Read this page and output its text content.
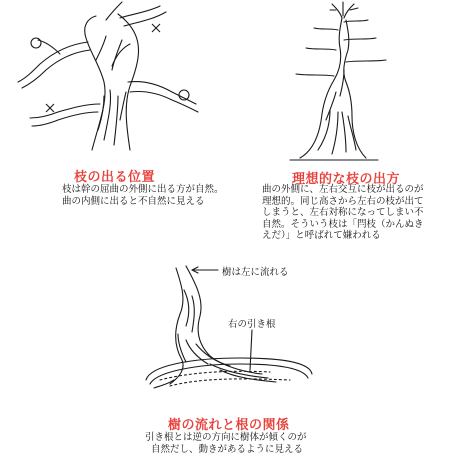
枝の出る位置
枝は幹の屈曲の外側に出る方が自然。
曲の内側に出ると不自然に見える
理想的な枝の出方
曲の外側に、左右交互に枝が出るのが
理想的。同じ高さから左右の枝が出て
しまうと、左右対称になってしまい不
自然。そういう枝は「閂枝（かんぬき
えだ）」と呼ばれて嫌われる
樹は左に流れる
右の引き根
樹の流れと根の関係
引き根とは逆の方向に樹体が傾くのが
自然だし、動きがあるように見える
